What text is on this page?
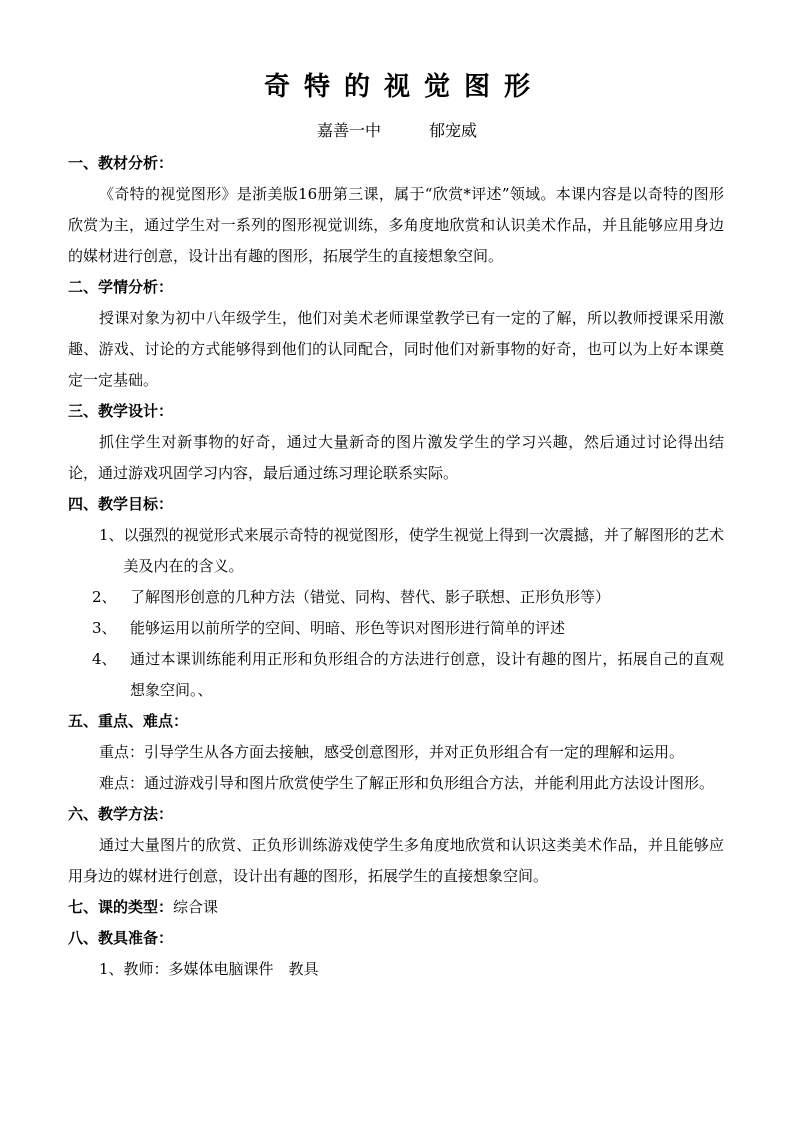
奇特的视觉图形
嘉善一中	郁宠威
一、教材分析：
《奇特的视觉图形》是浙美版16册第三课，属于“欣赏*评述”领域。本课内容是以奇特的图形欣赏为主，通过学生对一系列的图形视觉训练，多角度地欣赏和认识美术作品，并且能够应用身边的媒材进行创意，设计出有趣的图形，拓展学生的直接想象空间。
二、学情分析：
授课对象为初中八年级学生，他们对美术老师课堂教学已有一定的了解，所以教师授课采用激趣、游戏、讨论的方式能够得到他们的认同配合，同时他们对新事物的好奇，也可以为上好本课奠定一定基础。
三、教学设计：
抓住学生对新事物的好奇，通过大量新奇的图片激发学生的学习兴趣，然后通过讨论得出结论，通过游戏巩固学习内容，最后通过练习理论联系实际。
四、教学目标：
1、 以强烈的视觉形式来展示奇特的视觉图形，使学生视觉上得到一次震撼，并了解图形的艺术美及内在的含义。
2、 了解图形创意的几种方法（错觉、同构、替代、影子联想、正形负形等）
3、 能够运用以前所学的空间、明暗、形色等识对图形进行简单的评述
4、 通过本课训练能利用正形和负形组合的方法进行创意，设计有趣的图片，拓展自己的直观想象空间。、
五、重点、难点：
重点：引导学生从各方面去接触，感受创意图形，并对正负形组合有一定的理解和运用。
难点：通过游戏引导和图片欣赏使学生了解正形和负形组合方法，并能利用此方法设计图形。
六、教学方法：
通过大量图片的欣赏、正负形训练游戏使学生多角度地欣赏和认识这类美术作品，并且能够应用身边的媒材进行创意，设计出有趣的图形，拓展学生的直接想象空间。
七、课的类型：综合课
八、教具准备：
1、教师：多媒体电脑课件　教具
